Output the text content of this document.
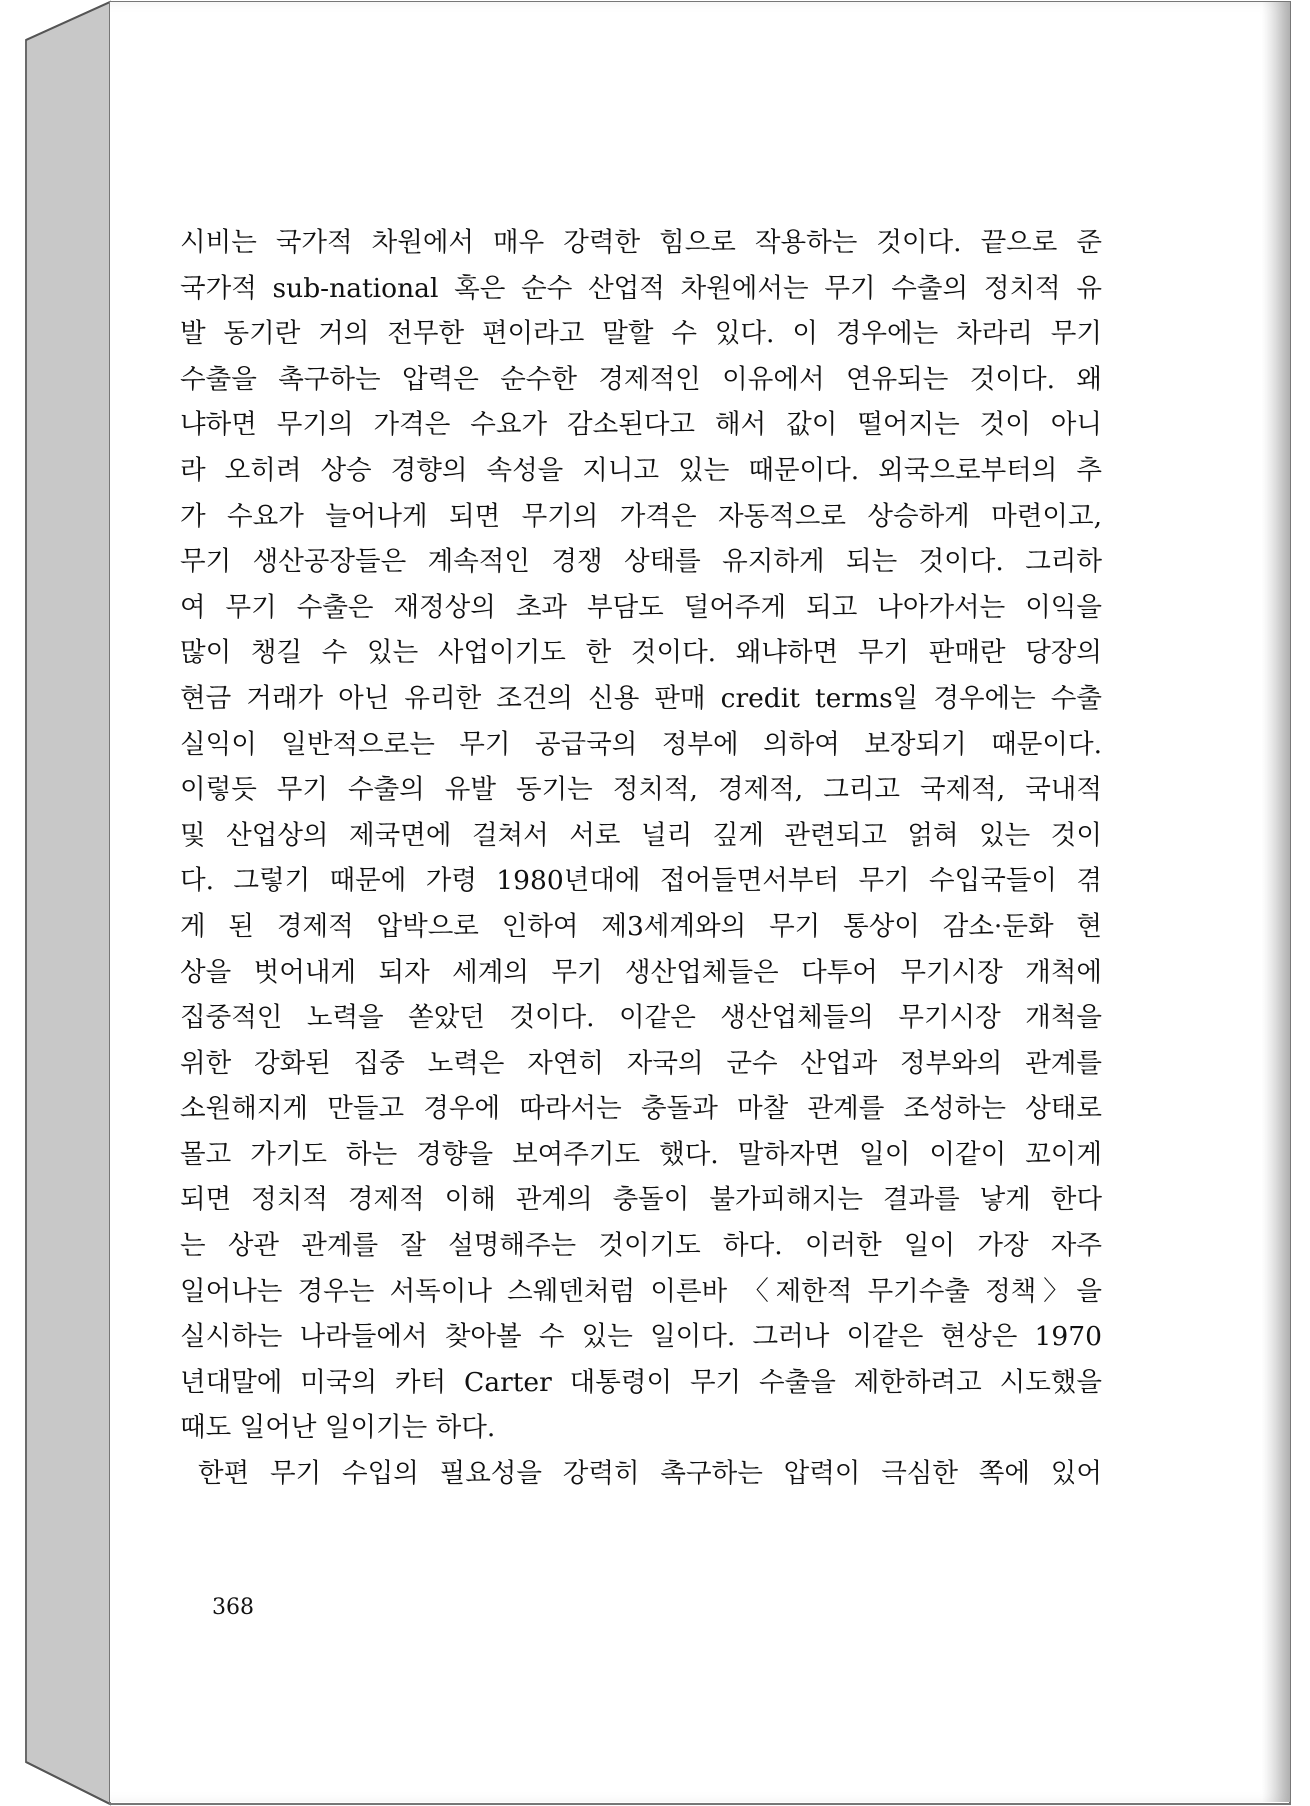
시비는 국가적 차원에서 매우 강력한 힘으로 작용하는 것이다. 끝으로 준
국가적 sub-national 혹은 순수 산업적 차원에서는 무기 수출의 정치적 유
발 동기란 거의 전무한 편이라고 말할 수 있다. 이 경우에는 차라리 무기
수출을 촉구하는 압력은 순수한 경제적인 이유에서 연유되는 것이다. 왜
냐하면 무기의 가격은 수요가 감소된다고 해서 값이 떨어지는 것이 아니
라 오히려 상승 경향의 속성을 지니고 있는 때문이다. 외국으로부터의 추
가 수요가 늘어나게 되면 무기의 가격은 자동적으로 상승하게 마련이고,
무기 생산공장들은 계속적인 경쟁 상태를 유지하게 되는 것이다. 그리하
여 무기 수출은 재정상의 초과 부담도 덜어주게 되고 나아가서는 이익을
많이 챙길 수 있는 사업이기도 한 것이다. 왜냐하면 무기 판매란 당장의
현금 거래가 아닌 유리한 조건의 신용 판매 credit terms일 경우에는 수출
실익이 일반적으로는 무기 공급국의 정부에 의하여 보장되기 때문이다.
이렇듯 무기 수출의 유발 동기는 정치적, 경제적, 그리고 국제적, 국내적
및 산업상의 제국면에 걸쳐서 서로 널리 깊게 관련되고 얽혀 있는 것이
다. 그렇기 때문에 가령 1980년대에 접어들면서부터 무기 수입국들이 겪
게 된 경제적 압박으로 인하여 제3세계와의 무기 통상이 감소·둔화 현
상을 벗어내게 되자 세계의 무기 생산업체들은 다투어 무기시장 개척에
집중적인 노력을 쏟았던 것이다. 이같은 생산업체들의 무기시장 개척을
위한 강화된 집중 노력은 자연히 자국의 군수 산업과 정부와의 관계를
소원해지게 만들고 경우에 따라서는 충돌과 마찰 관계를 조성하는 상태로
몰고 가기도 하는 경향을 보여주기도 했다. 말하자면 일이 이같이 꼬이게
되면 정치적 경제적 이해 관계의 충돌이 불가피해지는 결과를 낳게 한다
는 상관 관계를 잘 설명해주는 것이기도 하다. 이러한 일이 가장 자주
일어나는 경우는 서독이나 스웨덴처럼 이른바 〈제한적 무기수출 정책〉을
실시하는 나라들에서 찾아볼 수 있는 일이다. 그러나 이같은 현상은 1970
년대말에 미국의 카터 Carter 대통령이 무기 수출을 제한하려고 시도했을
때도 일어난 일이기는 하다.
한편 무기 수입의 필요성을 강력히 촉구하는 압력이 극심한 쪽에 있어
368
